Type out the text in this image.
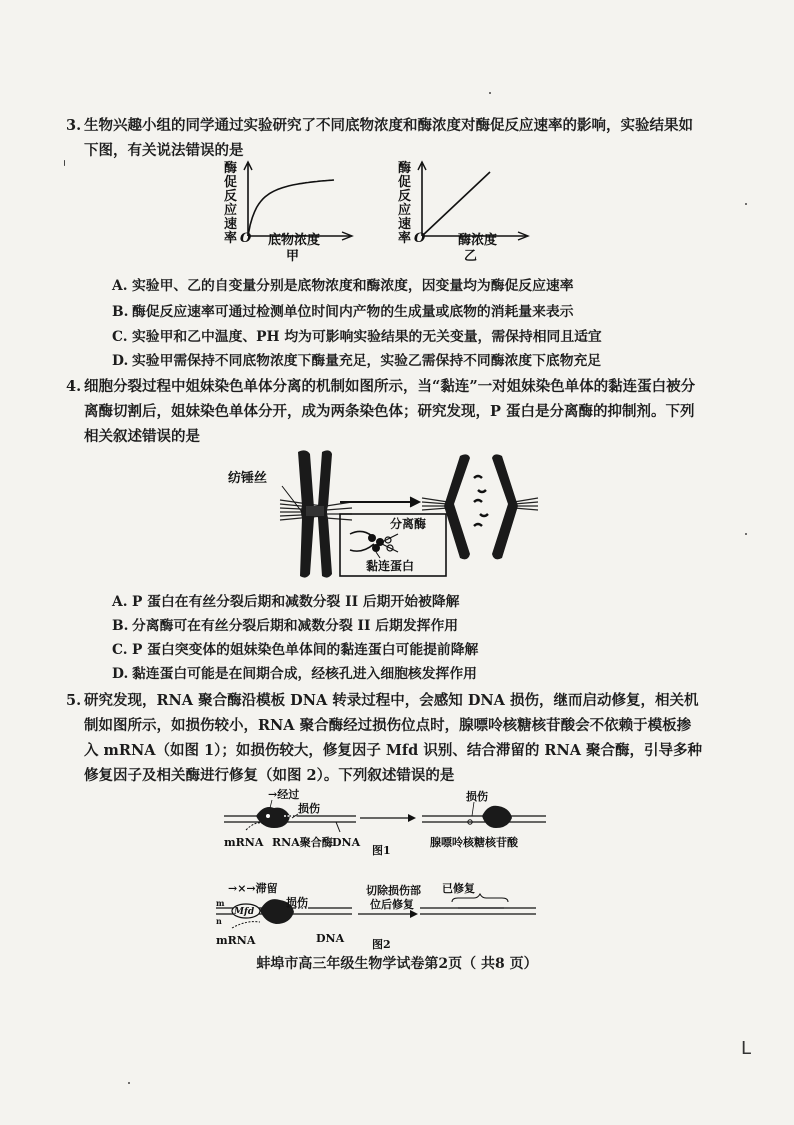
3. 生物兴趣小组的同学通过实验研究了不同底物浓度和酶浓度对酶促反应速率的影响，实验结果如下图，有关说法错误的是
酶
促
反
应
速
率 O 底物浓度
甲
酶
促
反
应
速
率 O	酶浓度
乙
A. 实验甲、乙的自变量分别是底物浓度和酶浓度，因变量均为酶促反应速率
B. 酶促反应速率可通过检测单位时间内产物的生成量或底物的消耗量来表示
C. 实验甲和乙中温度、PH 均为可影响实验结果的无关变量，需保持相同且适宜
D. 实验甲需保持不同底物浓度下酶量充足，实验乙需保持不同酶浓度下底物充足
4. 细胞分裂过程中姐妹染色单体分离的机制如图所示，当“黏连”一对姐妹染色单体的黏连蛋白被分离酶切割后，姐妹染色单体分开，成为两条染色体；研究发现，P 蛋白是分离酶的抑制剂。下列相关叙述错误的是
纺锤丝
分离酶
黏连蛋白
A. P 蛋白在有丝分裂后期和减数分裂 II 后期开始被降解
B. 分离酶可在有丝分裂后期和减数分裂 II 后期发挥作用
C. P 蛋白突变体的姐妹染色单体间的黏连蛋白可能提前降解
D. 黏连蛋白可能是在间期合成，经核孔进入细胞核发挥作用
5. 研究发现，RNA 聚合酶沿模板 DNA 转录过程中，会感知 DNA 损伤，继而启动修复，相关机制如图所示，如损伤较小，RNA 聚合酶经过损伤位点时，腺嘌呤核糖核苷酸会不依赖于模板掺入 mRNA（如图 1）；如损伤较大，修复因子 Mfd 识别、结合滞留的 RNA 聚合酶，引导多种修复因子及相关酶进行修复（如图 2）。下列叙述错误的是
→经过
损伤
mRNA RNA聚合酶 DNA
图1
损伤
腺嘌呤核糖核苷酸
Mfd
m
n
→×→滞留
损伤
mRNA	DNA	图2
切除损伤部
位后修复
已修复
蚌埠市高三年级生物学试卷第2页（ 共8 页）
L
